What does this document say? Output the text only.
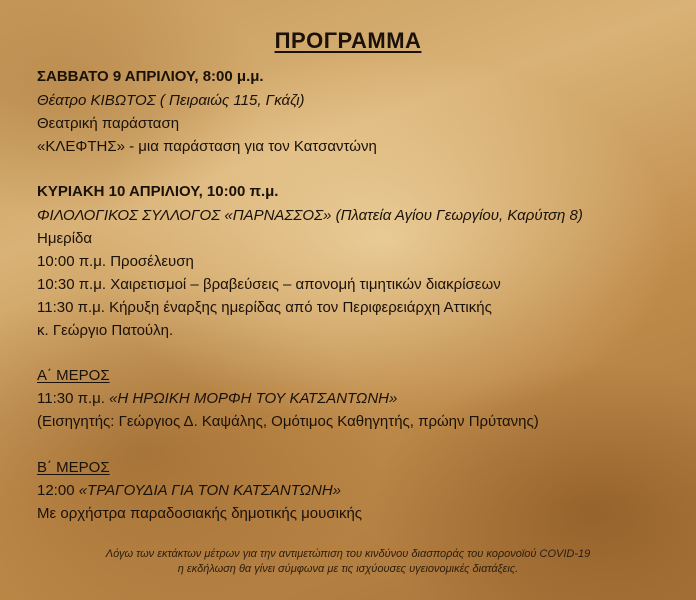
ΠΡΟΓΡΑΜΜΑ
ΣΑΒΒΑΤΟ 9 ΑΠΡΙΛΙΟΥ, 8:00 μ.μ.
Θέατρο ΚΙΒΩΤΟΣ ( Πειραιώς 115, Γκάζι)
Θεατρική παράσταση
«ΚΛΕΦΤΗΣ» - μια παράσταση για τον Κατσαντώνη
ΚΥΡΙΑΚΗ 10 ΑΠΡΙΛΙΟΥ, 10:00 π.μ.
ΦΙΛΟΛΟΓΙΚΟΣ ΣΥΛΛΟΓΟΣ «ΠΑΡΝΑΣΣΟΣ» (Πλατεία Αγίου Γεωργίου, Καρύτση 8)
Ημερίδα
10:00 π.μ. Προσέλευση
10:30 π.μ. Χαιρετισμοί – βραβεύσεις – απονομή τιμητικών διακρίσεων
11:30 π.μ. Κήρυξη έναρξης ημερίδας από τον Περιφερειάρχη Αττικής
κ. Γεώργιο Πατούλη.
Α΄ ΜΕΡΟΣ
11:30 π.μ. «Η ΗΡΩΙΚΗ ΜΟΡΦΗ ΤΟΥ ΚΑΤΣΑΝΤΩΝΗ»
(Εισηγητής: Γεώργιος Δ. Καψάλης, Ομότιμος Καθηγητής, πρώην Πρύτανης)
Β΄ ΜΕΡΟΣ
12:00 «ΤΡΑΓΟΥΔΙΑ ΓΙΑ ΤΟΝ ΚΑΤΣΑΝΤΩΝΗ»
Με ορχήστρα παραδοσιακής δημοτικής μουσικής
Λόγω των εκτάκτων μέτρων για την αντιμετώπιση του κινδύνου διασποράς του κορονοϊού COVID-19
η εκδήλωση θα γίνει σύμφωνα με τις ισχύουσες υγειονομικές διατάξεις.
